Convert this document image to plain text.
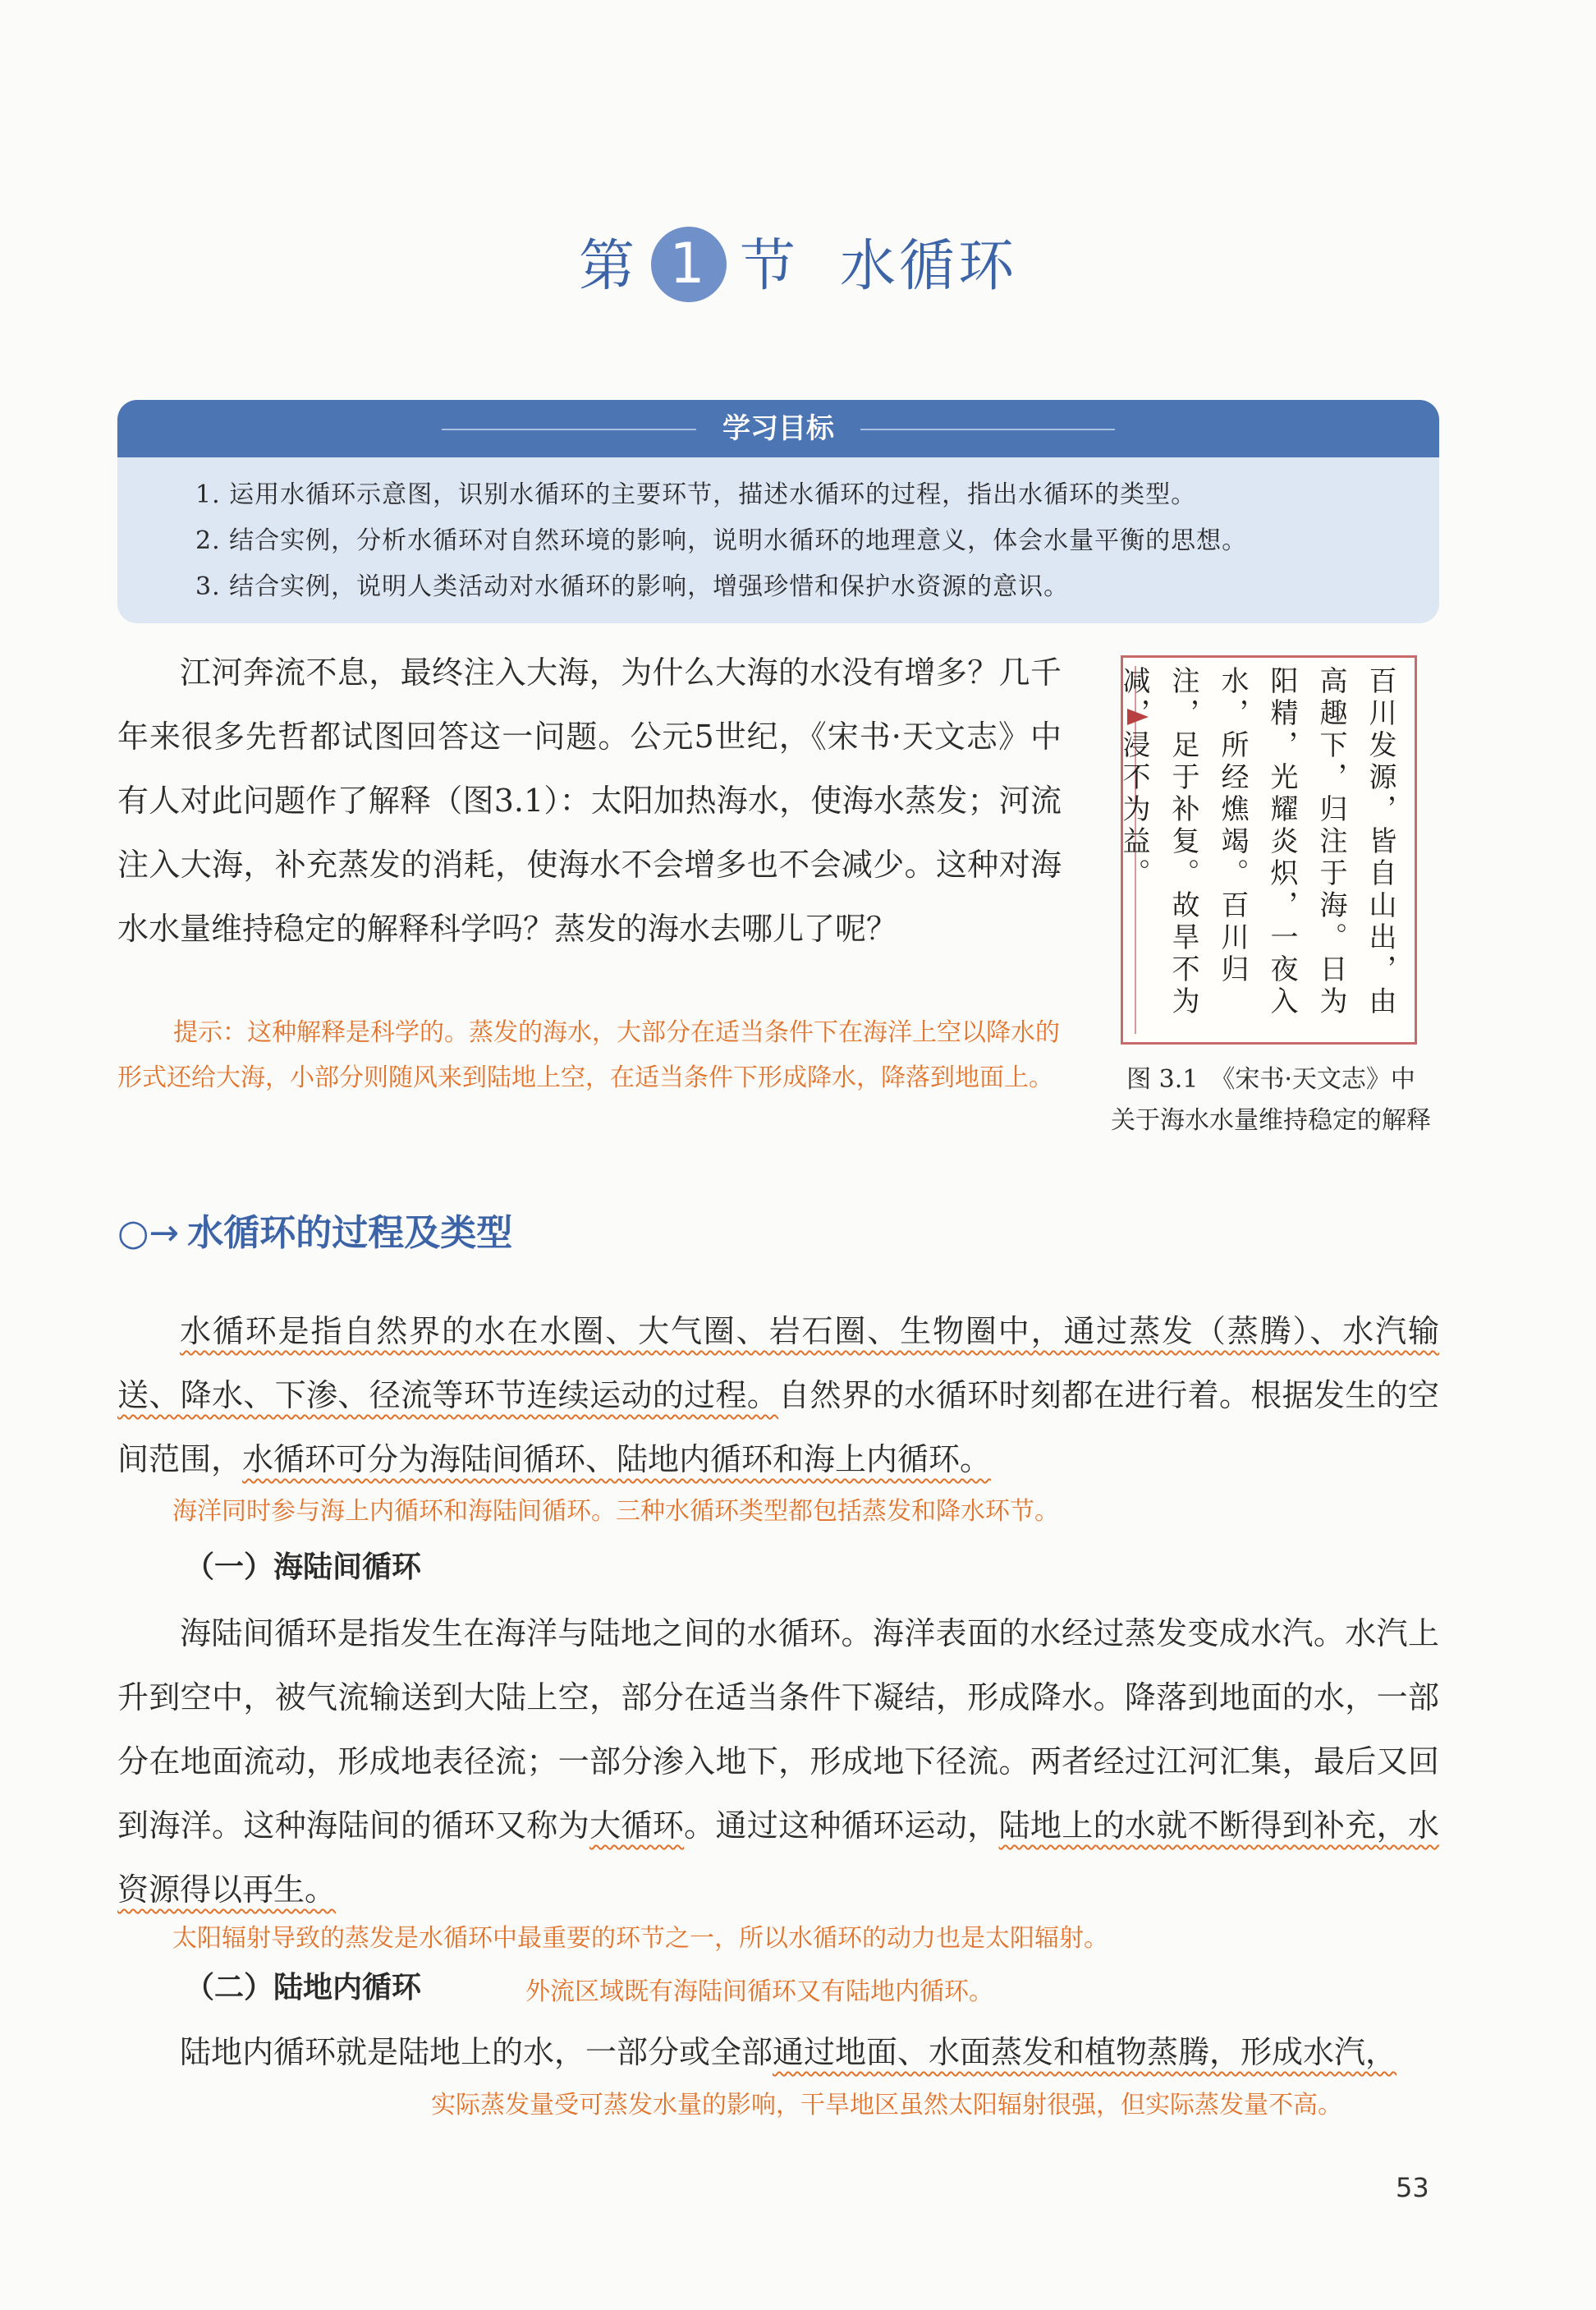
第 1 节 水循环
学习目标
1. 运用水循环示意图，识别水循环的主要环节，描述水循环的过程，指出水循环的类型。
2. 结合实例，分析水循环对自然环境的影响，说明水循环的地理意义，体会水量平衡的思想。
3. 结合实例，说明人类活动对水循环的影响，增强珍惜和保护水资源的意识。

江河奔流不息，最终注入大海，为什么大海的水没有增多？几千年来很多先哲都试图回答这一问题。公元5世纪，《宋书·天文志》中有人对此问题作了解释（图3.1）：太阳加热海水，使海水蒸发；河流注入大海，补充蒸发的消耗，使海水不会增多也不会减少。这种对海水水量维持稳定的解释科学吗？蒸发的海水去哪儿了呢？

提示：这种解释是科学的。蒸发的海水，大部分在适当条件下在海洋上空以降水的形式还给大海，小部分则随风来到陆地上空，在适当条件下形成降水，降落到地面上。
百川发源，皆自山出，由高趣下，归注于海。日为阳精，光耀炎炽，一夜入水，所经燋竭。百川归注，足于补复。故旱不为减，浸不为益。
图 3.1　《宋书·天文志》中
关于海水水量维持稳定的解释
○→ 水循环的过程及类型

水循环是指自然界的水在水圈、大气圈、岩石圈、生物圈中，通过蒸发（蒸腾）、水汽输送、降水、下渗、径流等环节连续运动的过程。自然界的水循环时刻都在进行着。根据发生的空间范围，水循环可分为海陆间循环、陆地内循环和海上内循环。

海洋同时参与海上内循环和海陆间循环。三种水循环类型都包括蒸发和降水环节。
（一）海陆间循环

海陆间循环是指发生在海洋与陆地之间的水循环。海洋表面的水经过蒸发变成水汽。水汽上升到空中，被气流输送到大陆上空，部分在适当条件下凝结，形成降水。降落到地面的水，一部分在地面流动，形成地表径流；一部分渗入地下，形成地下径流。两者经过江河汇集，最后又回到海洋。这种海陆间的循环又称为大循环。通过这种循环运动，陆地上的水就不断得到补充，水资源得以再生。

太阳辐射导致的蒸发是水循环中最重要的环节之一，所以水循环的动力也是太阳辐射。
（二）陆地内循环	外流区域既有海陆间循环又有陆地内循环。

陆地内循环就是陆地上的水，一部分或全部通过地面、水面蒸发和植物蒸腾，形成水汽，

实际蒸发量受可蒸发水量的影响，干旱地区虽然太阳辐射很强，但实际蒸发量不高。
53
